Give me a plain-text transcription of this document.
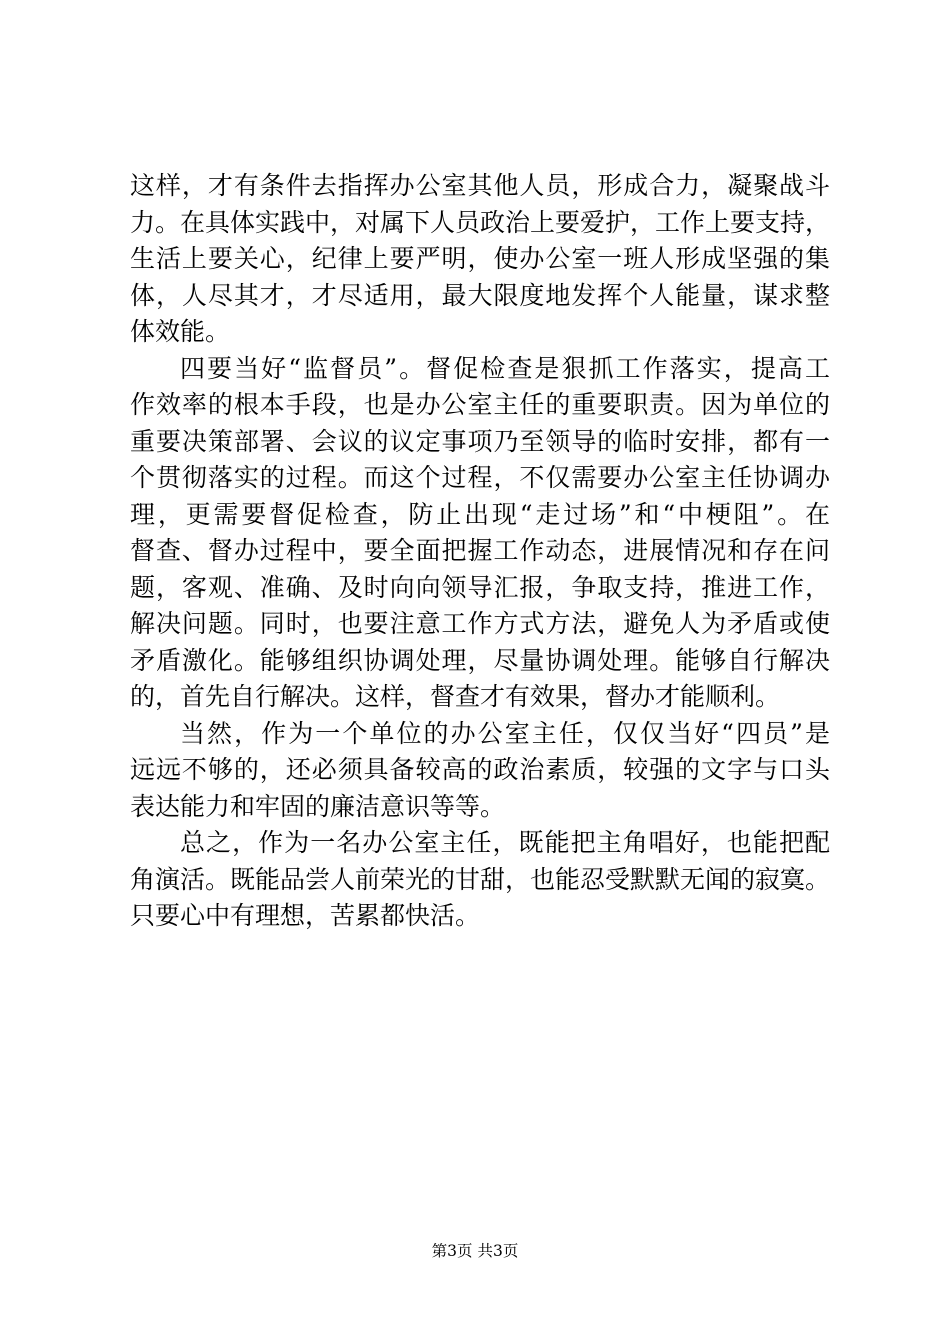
这样，才有条件去指挥办公室其他人员，形成合力，凝聚战斗
力。在具体实践中，对属下人员政治上要爱护，工作上要支持，
生活上要关心，纪律上要严明，使办公室一班人形成坚强的集
体，人尽其才，才尽适用，最大限度地发挥个人能量，谋求整
体效能。
四要当好“监督员”。督促检查是狠抓工作落实，提高工
作效率的根本手段，也是办公室主任的重要职责。因为单位的
重要决策部署、会议的议定事项乃至领导的临时安排，都有一
个贯彻落实的过程。而这个过程，不仅需要办公室主任协调办
理，更需要督促检查，防止出现“走过场”和“中梗阻”。在
督查、督办过程中，要全面把握工作动态，进展情况和存在问
题，客观、准确、及时向向领导汇报，争取支持，推进工作，
解决问题。同时，也要注意工作方式方法，避免人为矛盾或使
矛盾激化。能够组织协调处理，尽量协调处理。能够自行解决
的，首先自行解决。这样，督查才有效果，督办才能顺利。
当然，作为一个单位的办公室主任，仅仅当好“四员”是
远远不够的，还必须具备较高的政治素质，较强的文字与口头
表达能力和牢固的廉洁意识等等。
总之，作为一名办公室主任，既能把主角唱好，也能把配
角演活。既能品尝人前荣光的甘甜，也能忍受默默无闻的寂寞。
只要心中有理想，苦累都快活。
第3页 共3页
